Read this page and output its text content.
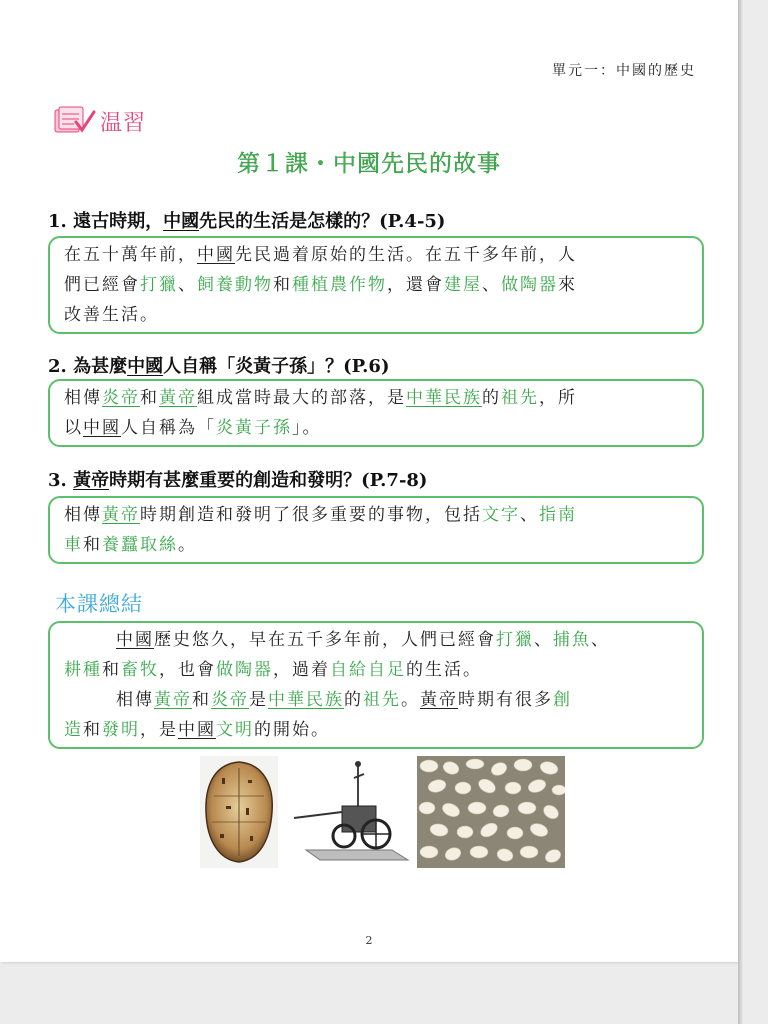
單元一：中國的歷史
温習
第１課・中國先民的故事
1. 遠古時期，中國先民的生活是怎樣的？(P.4-5)
在五十萬年前，中國先民過着原始的生活。在五千多年前，人
們已經會打獵、飼養動物和種植農作物，還會建屋、做陶器來
改善生活。
2. 為甚麼中國人自稱「炎黃子孫」？(P.6)
相傳炎帝和黃帝組成當時最大的部落，是中華民族的祖先，所
以中國人自稱為「炎黃子孫」。
3. 黃帝時期有甚麼重要的創造和發明？(P.7-8)
相傳黃帝時期創造和發明了很多重要的事物，包括文字、指南
車和養蠶取絲。
本課總結
中國歷史悠久，早在五千多年前，人們已經會打獵、捕魚、
耕種和畜牧，也會做陶器，過着自給自足的生活。
相傳黃帝和炎帝是中華民族的祖先。黃帝時期有很多創
造和發明，是中國文明的開始。
2
